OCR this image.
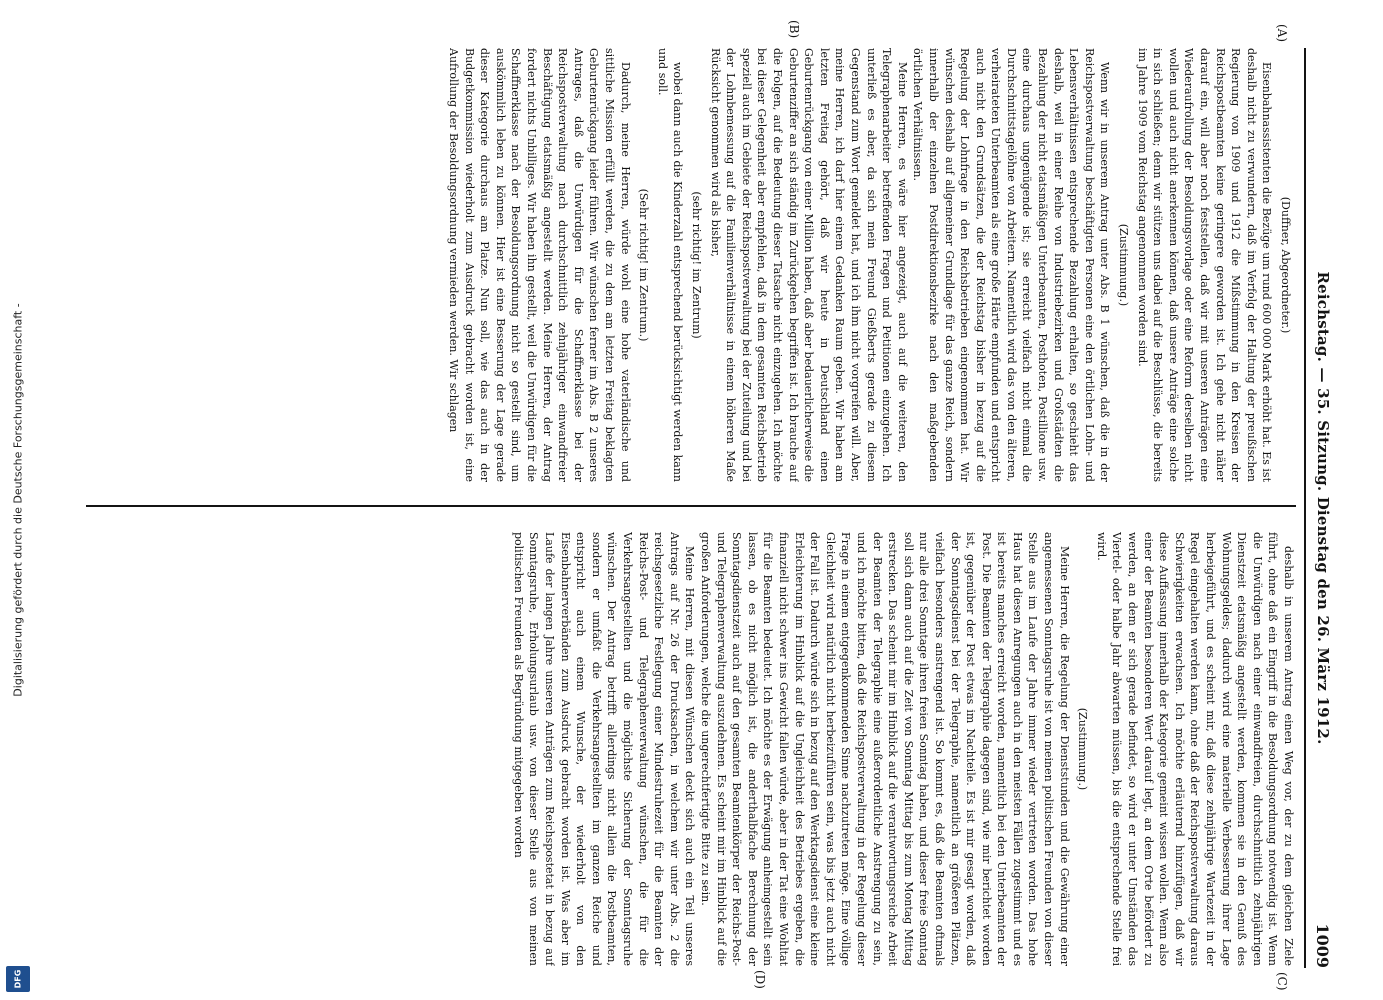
Digitalisierung gefördert durch die Deutsche Forschungsgemeinschaft -
DFG
Reichstag. — 35. Sitzung. Dienstag den 26. März 1912.
1009
(A)
(B)
(C)
(D)

(Duffner, Abgeordneter.)

Eisenbahnassistenten die Bezüge um rund 600 000 Mark erhöht hat. Es ist deshalb nicht zu verwundern, daß im Verfolg der Haltung der preußischen Regierung von 1909 und 1912 die Mißstimmung in den Kreisen der Reichspostbeamten keine geringere geworden ist. Ich gehe nicht näher darauf ein, will aber noch feststellen, daß wir mit unseren Anträgen eine Wiederaufrollung der Besoldungsvorlage oder eine Reform derselben nicht wollen und auch nicht anerkennen können, daß unsere Anträge eine solche in sich schließen; denn wir stützen uns dabei auf die Beschlüsse, die bereits im Jahre 1909 vom Reichstag angenommen worden sind.

(Zustimmung.)

Wenn wir in unserem Antrag unter Abs. B 1 wünschen, daß die in der Reichspostverwaltung beschäftigten Personen eine den örtlichen Lohn- und Lebensverhältnissen entsprechende Bezahlung erhalten, so geschieht das deshalb, weil in einer Reihe von Industriebezirken und Großstädten die Bezahlung der nicht etatsmäßigen Unterbeamten, Posthoten, Postillione usw. eine durchaus ungenügende ist; sie erreicht vielfach nicht einmal die Durchschnittstagelöhne von Arbeitern. Namentlich wird das von den älteren, verheirateten Unterbeamten als eine große Härte empfunden und entspricht auch nicht den Grundsätzen, die der Reichstag bisher in bezug auf die Regelung der Lohnfrage in den Reichsbetrieben eingenommen hat. Wir wünschen deshalb auf allgemeiner Grundlage für das ganze Reich, sondern innerhalb der einzelnen Postdirektionsbezirke nach den maßgebenden örtlichen Verhältnissen.

Meine Herren, es wäre hier angezeigt, auch auf die weiteren, den Telegraphenarbeiter betreffenden Fragen und Petitionen einzugehen. Ich unterließ es aber, da sich mein Freund Gießberts gerade zu diesem Gegenstand zum Wort gemeldet hat, und ich ihm nicht vorgreifen will. Aber, meine Herren, ich darf hier einem Gedanken Raum geben. Wir haben am letzten Freitag gehört, daß wir heute in Deutschland einen Geburtenrückgang von einer Million haben, daß aber bedauerlicherweise die Geburtenziffer an sich ständig im Zurückgehen begriffen ist. Ich brauche auf die Folgen, auf die Bedeutung dieser Tatsache nicht einzugehen. Ich möchte bei dieser Gelegenheit aber empfehlen, daß in dem gesamten Reichsbetrieb speziell auch im Gebiete der Reichspostverwaltung bei der Zuteilung und bei der Lohnbemessung auf die Familienverhältnisse in einem höheren Maße Rücksicht genommen wird als bisher,

(sehr richtig! im Zentrum)

wobei dann auch die Kinderzahl entsprechend berücksichtigt werden kann und soll.

(Sehr richtig! im Zentrum.)

Dadurch, meine Herren, würde wohl eine hohe vaterländische und sittliche Mission erfüllt werden, die zu dem am letzten Freitag beklagten Geburtenrückgang leider führen. Wir wünschen ferner im Abs. B 2 unseres Antrages, daß die Unwürdigen für die Schaffnerklasse bei der Reichspostverwaltung nach durchschnittlich zehnjähriger einwandfreier Beschäftigung etatsmäßig angestellt werden. Meine Herren, der Antrag fordert nichts Unbilliges. Wir haben ihn gestellt, weil die Unwürdigen für die Schaffnerklasse nach der Besoldungsordnung nicht so gestellt sind, um auskömmlich leben zu können. Hier ist eine Besserung der Lage gerade dieser Kategorie durchaus am Platze. Nun soll, wie das auch in der Budgetkommission wiederholt zum Ausdruck gebracht worden ist, eine Aufrollung der Besoldungsordnung vermieden werden. Wir schlagen

deshalb in unserem Antrag einen Weg vor, der zu dem gleichen Ziele führt, ohne daß ein Eingriff in die Besoldungsordnung notwendig ist. Wenn die Unwürdigen nach einer einwandfreien, durchschnittlich zehnjährigen Dienstzeit etatsmäßig angestellt werden, kommen sie in den Genuß des Wohnungsgeldes; dadurch wird eine materielle Verbesserung ihrer Lage herbeigeführt, und es scheint mir, daß diese zehnjährige Wartezeit in der Regel eingehalten werden kann, ohne daß der Reichspostverwaltung daraus Schwierigkeiten erwachsen. Ich möchte erläuternd hinzufügen, daß wir diese Auffassung innerhalb der Kategorie gemeint wissen wollen. Wenn also einer der Beamten besonderen Wert darauf legt, an dem Orte befördert zu werden, an dem er sich gerade befindet, so wird er unter Umständen das Viertel- oder halbe Jahr abwarten müssen, bis die entsprechende Stelle frei wird.

(Zustimmung.)

Meine Herren, die Regelung der Dienststunden und die Gewährung einer angemessenen Sonntagsruhe ist von meinen politischen Freunden von dieser Stelle aus im Laufe der Jahre immer wieder vertreten worden. Das hohe Haus hat diesen Anregungen auch in den meisten Fällen zugestimmt und es ist bereits manches erreicht worden, namentlich bei den Unterbeamten der Post. Die Beamten der Telegraphie dagegen sind, wie mir berichtet worden ist, gegenüber der Post etwas im Nachteile. Es ist mir gesagt worden, daß der Sonntagsdienst bei der Telegraphie, namentlich an größeren Plätzen, vielfach besonders anstrengend ist. So kommt es, daß die Beamten oftmals nur alle drei Sonntage ihren freien Sonntag haben, und dieser freie Sonntag soll sich dann auch auf die Zeit von Sonntag Mittag bis zum Montag Mittag erstrecken. Das scheint mir im Hinblick auf die verantwortungsreiche Arbeit der Beamten der Telegraphie eine außerordentliche Anstrengung zu sein, und ich möchte bitten, daß die Reichspostverwaltung in der Regelung dieser Frage in einem entgegenkommenden Sinne nachzutreten möge. Eine völlige Gleichheit wird natürlich nicht herbeizuführen sein, was bis jetzt auch nicht der Fall ist. Dadurch würde sich in bezug auf den Werktagsdienst eine kleine Erleichterung im Hinblick auf die Ungleichheit des Betriebes ergeben, die finanziell nicht schwer ins Gewicht fallen würde, aber in der Tat eine Wohltat für die Beamten bedeutet. Ich möchte es der Erwägung anheimgestellt sein lassen, ob es nicht möglich ist, die anderthalbfache Berechnung der Sonntagsdienstzeit auch auf den gesamten Beamtenkörper der Reichs-Post- und Telegraphenverwaltung auszudehnen. Es scheint mir im Hinblick auf die großen Anforderungen, welche die ungerechtfertigte Bitte zu sein.

Meine Herren, mit diesen Wünschen deckt sich auch ein Teil unseres Antrags auf Nr. 26 der Drucksachen, in welchem wir unter Abs. 2 die reichsgesetzliche Festlegung einer Mindestruhezeit für die Beamten der Reichs-Post- und Telegraphenverwaltung wünschen, die für die Verkehrsangestellten und die möglichste Sicherung der Sonntagsruhe wünschen. Der Antrag betrifft allerdings nicht allein die Postbeamten, sondern er umfaßt die Verkehrsangestellten im ganzen Reiche und entspricht auch einem Wunsche, der wiederholt von den Eisenbahnerverbänden zum Ausdruck gebracht worden ist. Was aber im Laufe der langen Jahre unseren Anträgen zum Reichspostetat in bezug auf Sonntagsruhe, Erholungsurlaub usw. von dieser Stelle aus von meinen politischen Freunden als Begründung mitgegeben worden
